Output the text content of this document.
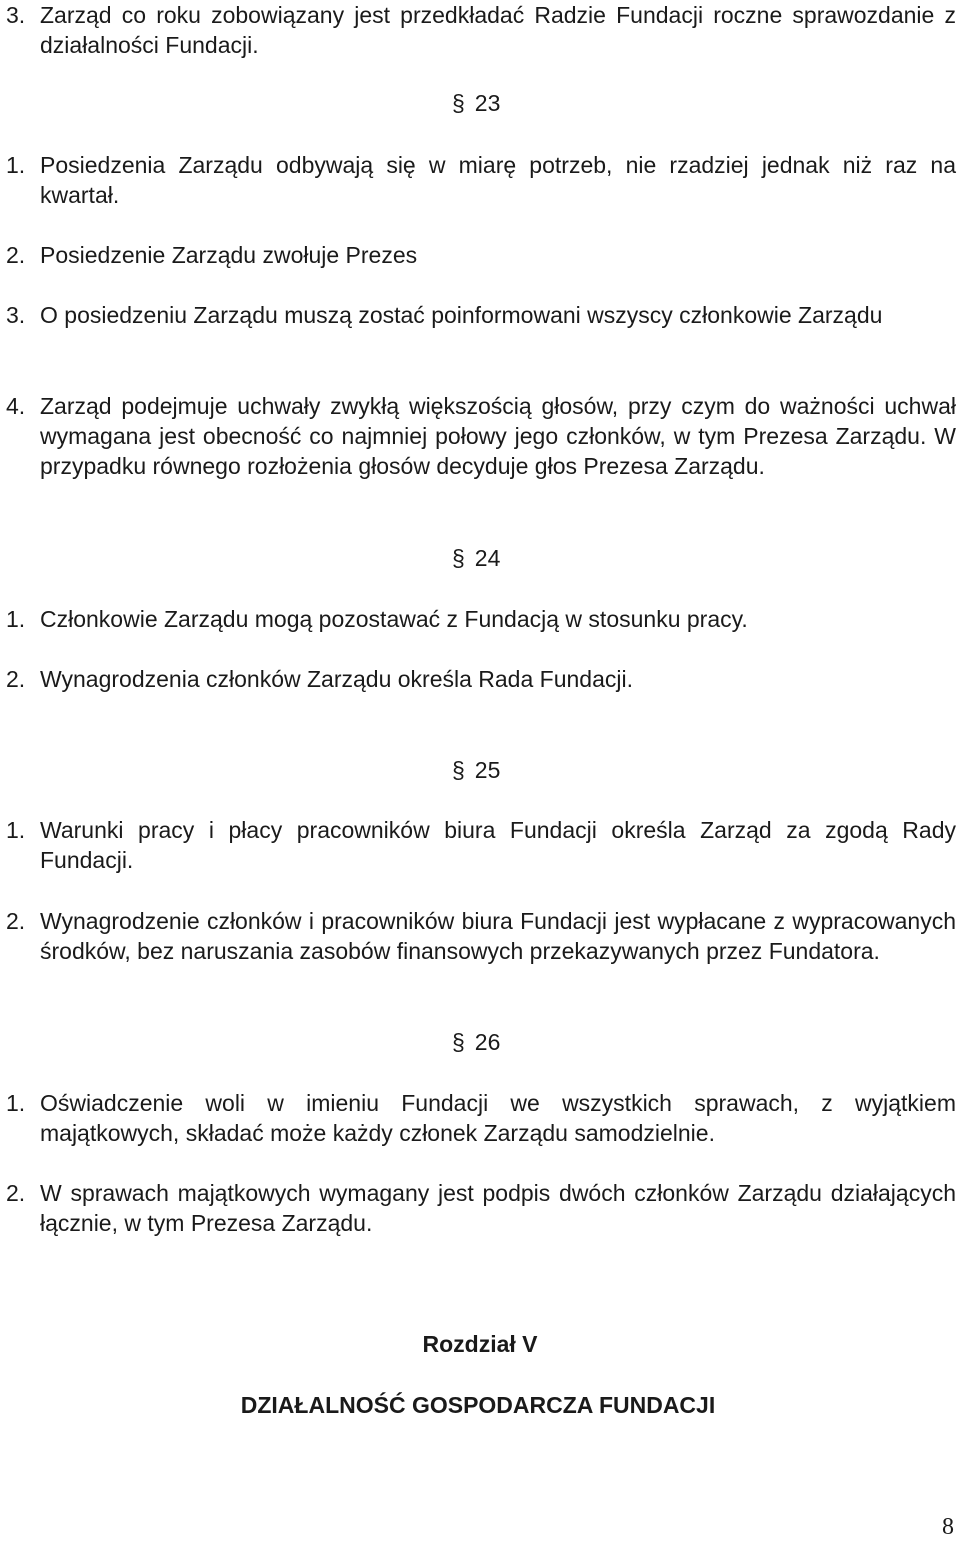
3. Zarząd co roku zobowiązany jest przedkładać Radzie Fundacji roczne sprawozdanie z działalności Fundacji.
§ 23
1. Posiedzenia Zarządu odbywają się w miarę potrzeb, nie rzadziej jednak niż raz na kwartał.
2. Posiedzenie Zarządu zwołuje Prezes
3. O posiedzeniu Zarządu muszą zostać poinformowani wszyscy członkowie Zarządu
4. Zarząd podejmuje uchwały zwykłą większością głosów, przy czym do ważności uchwał wymagana jest obecność co najmniej połowy jego członków, w tym Prezesa Zarządu. W przypadku równego rozłożenia głosów decyduje głos Prezesa Zarządu.
§ 24
1. Członkowie Zarządu mogą pozostawać z Fundacją w stosunku pracy.
2. Wynagrodzenia członków Zarządu określa Rada Fundacji.
§ 25
1. Warunki pracy i płacy pracowników biura Fundacji określa Zarząd za zgodą Rady Fundacji.
2. Wynagrodzenie członków i pracowników biura Fundacji jest wypłacane z wypracowanych środków, bez naruszania zasobów finansowych przekazywanych przez Fundatora.
§ 26
1. Oświadczenie woli w imieniu Fundacji we wszystkich sprawach, z wyjątkiem majątkowych, składać może każdy członek Zarządu samodzielnie.
2. W sprawach majątkowych wymagany jest podpis dwóch członków Zarządu działających łącznie, w tym Prezesa Zarządu.
Rozdział V
DZIAŁALNOŚĆ GOSPODARCZA FUNDACJI
8
